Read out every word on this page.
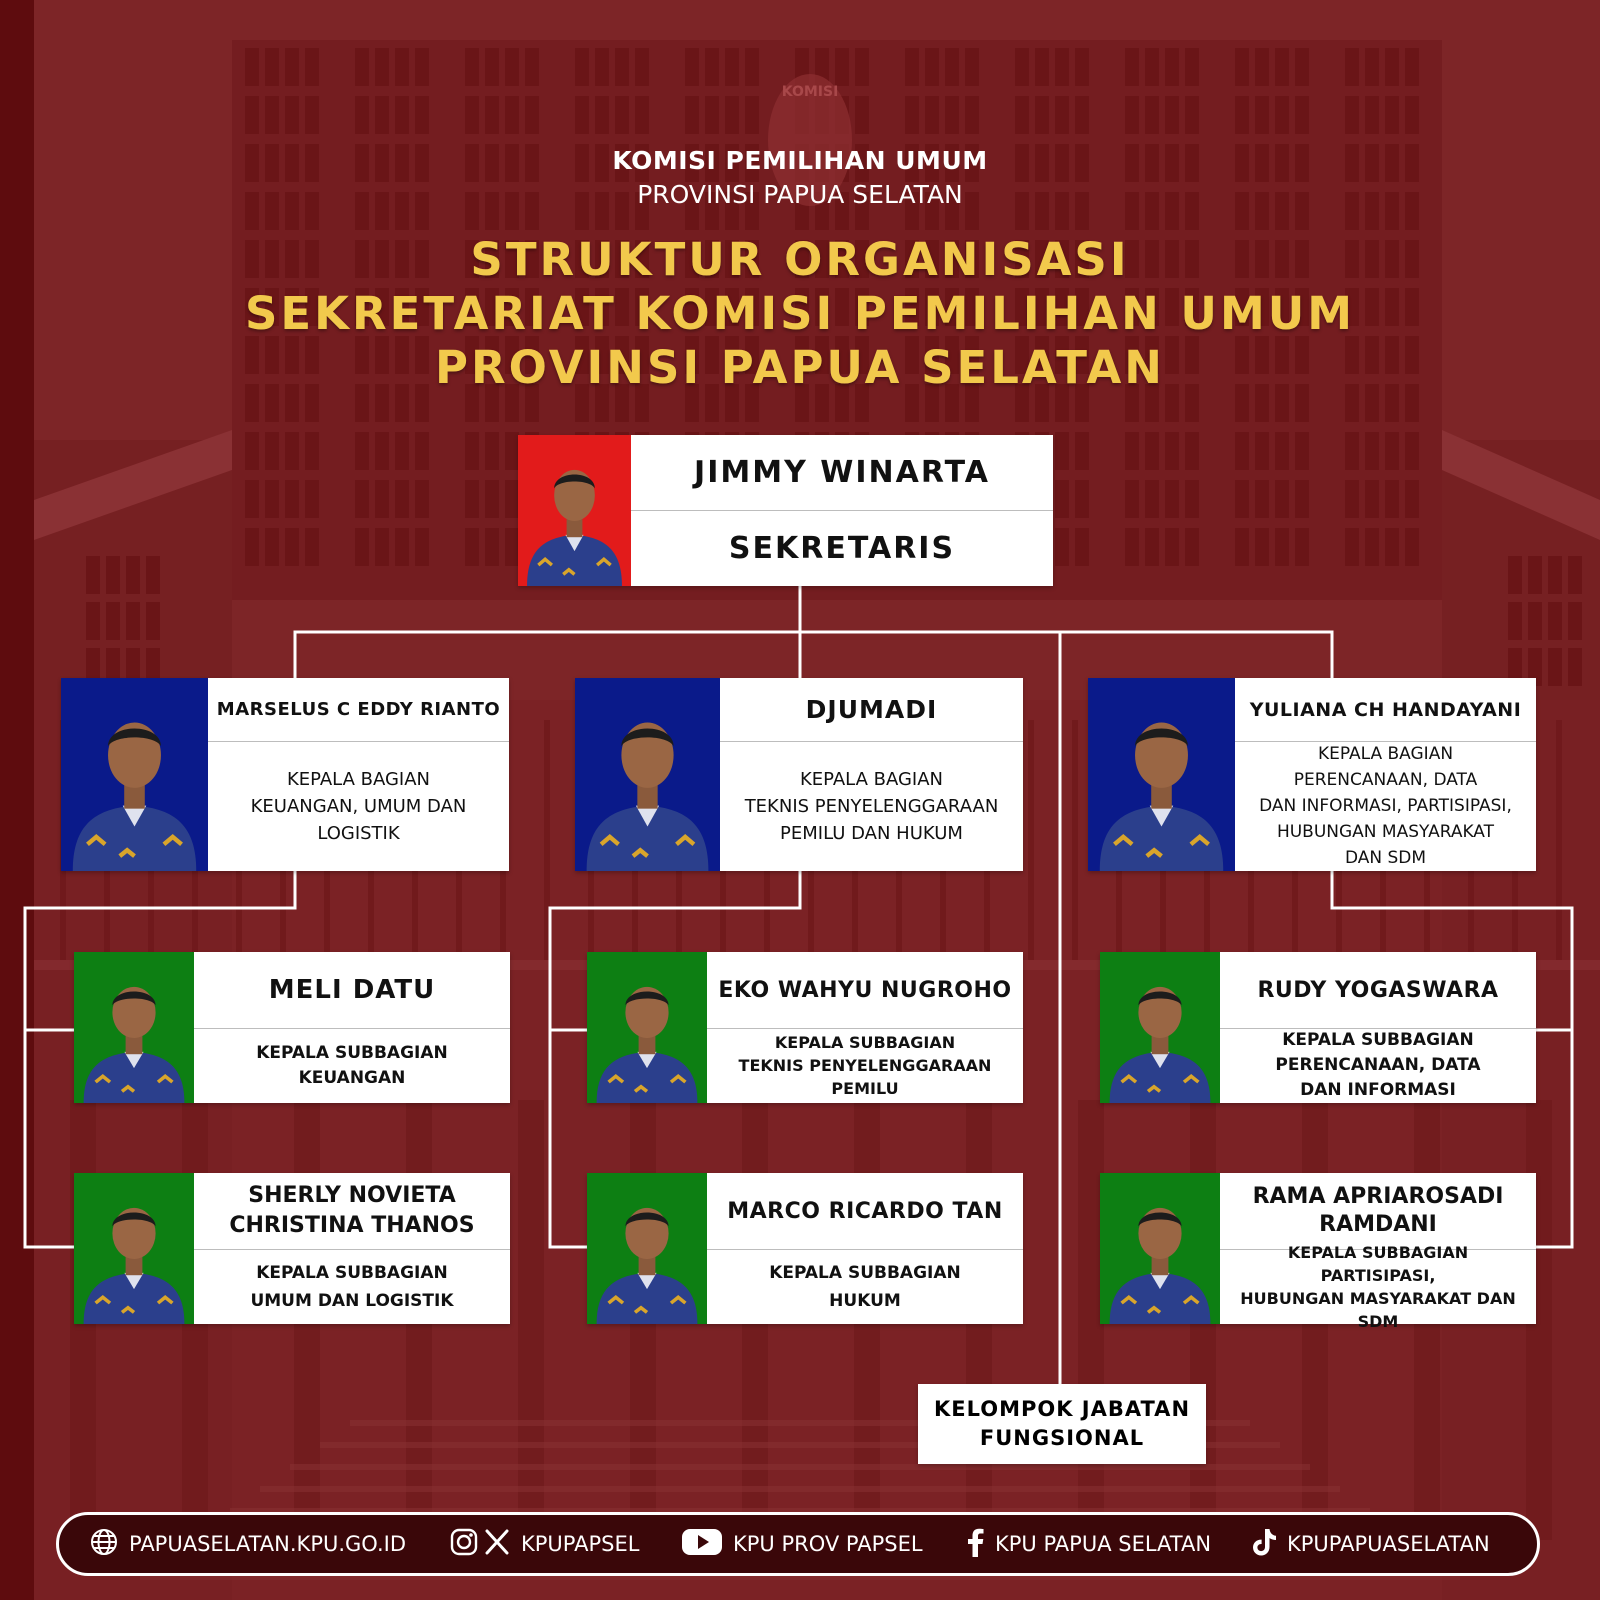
KOMISI
KOMISI PEMILIHAN UMUM
PROVINSI PAPUA SELATAN
STRUKTUR ORGANISASI
SEKRETARIAT KOMISI PEMILIHAN UMUM
PROVINSI PAPUA SELATAN
JIMMY WINARTA
SEKRETARIS
MARSELUS C EDDY RIANTO
KEPALA BAGIAN
KEUANGAN, UMUM DAN
LOGISTIK
DJUMADI
KEPALA BAGIAN
TEKNIS PENYELENGGARAAN
PEMILU DAN HUKUM
YULIANA CH HANDAYANI
KEPALA BAGIAN
PERENCANAAN, DATA
DAN INFORMASI, PARTISIPASI,
HUBUNGAN MASYARAKAT
DAN SDM
MELI DATU
KEPALA SUBBAGIAN
KEUANGAN
EKO WAHYU NUGROHO
KEPALA SUBBAGIAN
TEKNIS PENYELENGGARAAN
PEMILU
RUDY YOGASWARA
KEPALA SUBBAGIAN
PERENCANAAN, DATA
DAN INFORMASI
SHERLY NOVIETA
CHRISTINA THANOS
KEPALA SUBBAGIAN
UMUM DAN LOGISTIK
MARCO RICARDO TAN
KEPALA SUBBAGIAN
HUKUM
RAMA APRIAROSADI
RAMDANI
KEPALA SUBBAGIAN
PARTISIPASI,
HUBUNGAN MASYARAKAT DAN SDM
KELOMPOK JABATAN
FUNGSIONAL
PAPUASELATAN.KPU.GO.ID	KPUPAPSEL	KPU PROV PAPSEL	KPU PAPUA SELATAN	KPUPAPUASELATAN
